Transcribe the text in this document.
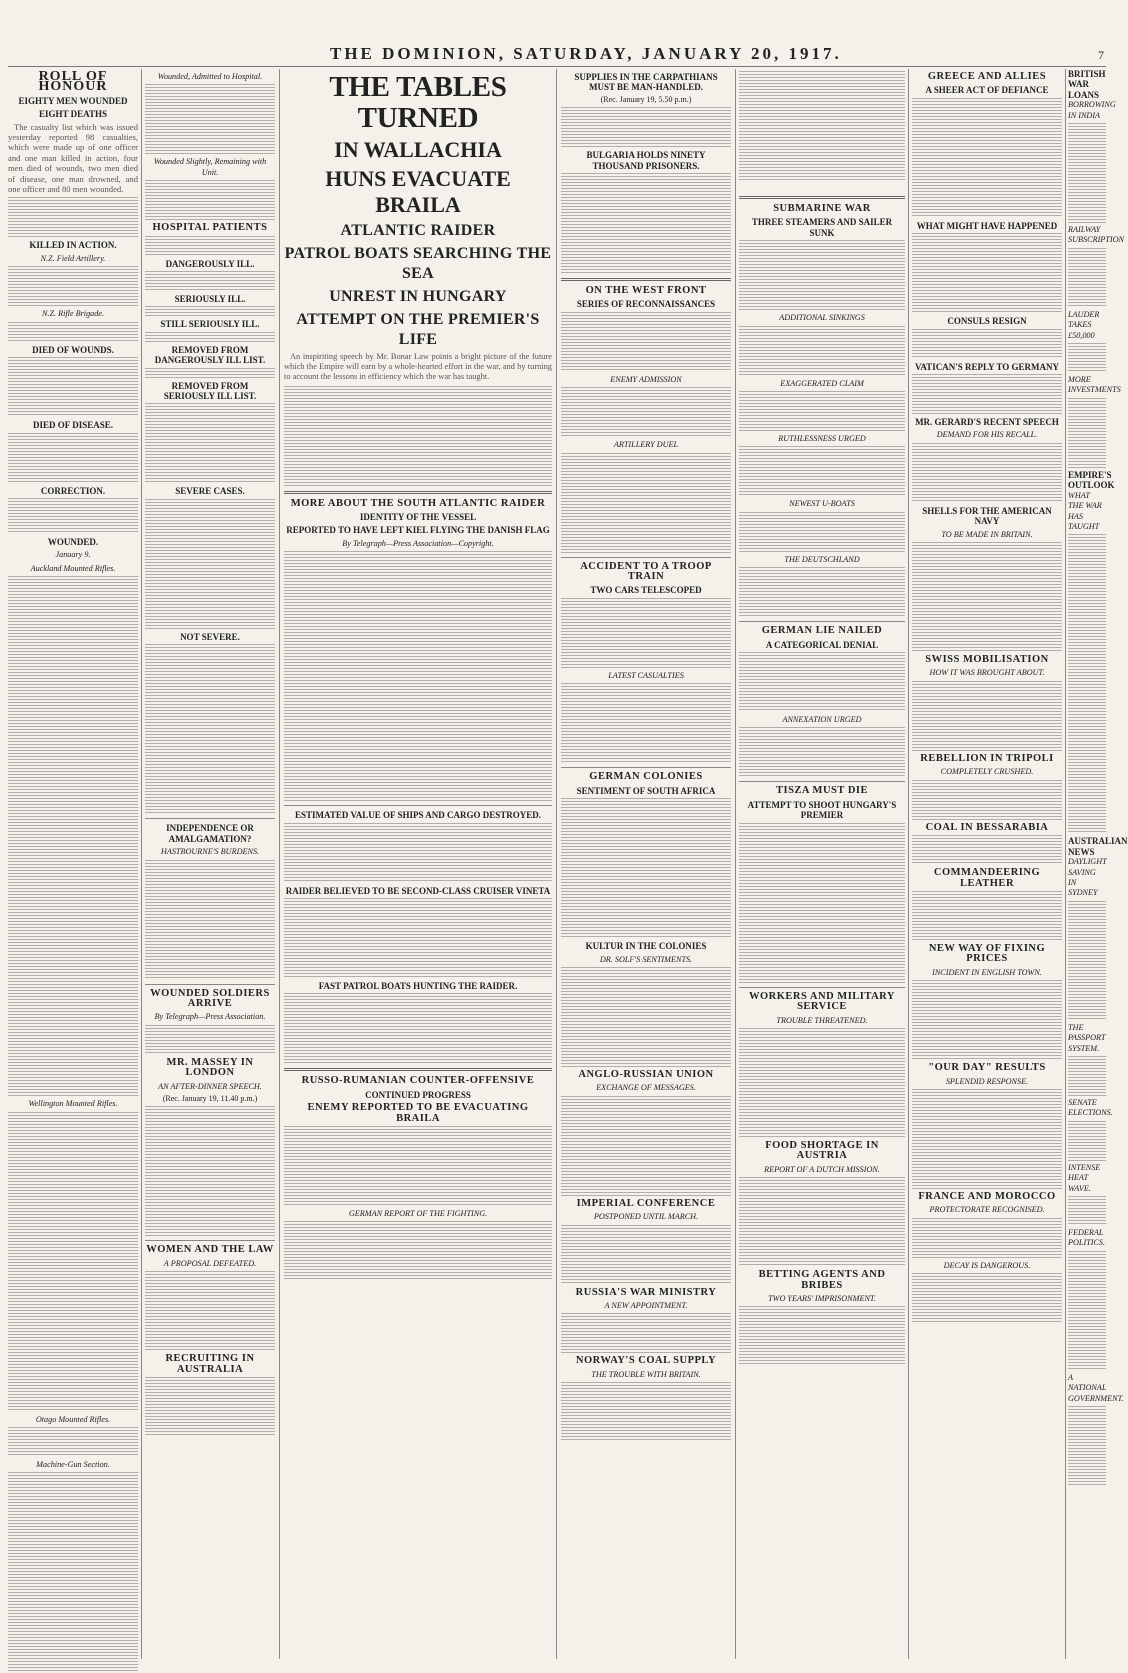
THE DOMINION, SATURDAY, JANUARY 20, 1917.	7
ROLL OF HONOUR
EIGHTY MEN WOUNDED
EIGHT DEATHS
The casualty list which was issued yesterday reported 98 casualties, which were made up of one officer and one man killed in action, four men died of wounds, two men died of disease, one man drowned, and one officer and 80 men wounded.
KILLED IN ACTION.
N.Z. Field Artillery.
N.Z. Rifle Brigade.
DIED OF WOUNDS.
DIED OF DISEASE.
CORRECTION.
WOUNDED.
January 9.
Auckland Mounted Rifles.
Wellington Mounted Rifles.
Otago Mounted Rifles.
Machine-Gun Section.
Wounded, Admitted to Hospital.
Wounded Slightly, Remaining with Unit.
HOSPITAL PATIENTS
DANGEROUSLY ILL.
SERIOUSLY ILL.
STILL SERIOUSLY ILL.
REMOVED FROM DANGEROUSLY ILL LIST.
REMOVED FROM SERIOUSLY ILL LIST.
SEVERE CASES.
NOT SEVERE.
INDEPENDENCE OR AMALGAMATION?
HASTBOURNE'S BURDENS.
WOUNDED SOLDIERS ARRIVE
By Telegraph—Press Association.
MR. MASSEY IN LONDON
AN AFTER-DINNER SPEECH.
(Rec. January 19, 11.40 p.m.)
WOMEN AND THE LAW
A PROPOSAL DEFEATED.
RECRUITING IN AUSTRALIA
THE TABLES TURNED
IN WALLACHIA
HUNS EVACUATE BRAILA
ATLANTIC RAIDER
PATROL BOATS SEARCHING THE SEA
UNREST IN HUNGARY
ATTEMPT ON THE PREMIER'S LIFE
An inspiriting speech by Mr. Bonar Law points a bright picture of the future which the Empire will earn by a whole-hearted effort in the war, and by turning to account the lessons in efficiency which the war has taught.
MORE ABOUT THE SOUTH ATLANTIC RAIDER
IDENTITY OF THE VESSEL
REPORTED TO HAVE LEFT KIEL FLYING THE DANISH FLAG
By Telegraph—Press Association—Copyright.
ESTIMATED VALUE OF SHIPS AND CARGO DESTROYED.
RAIDER BELIEVED TO BE SECOND-CLASS CRUISER VINETA
FAST PATROL BOATS HUNTING THE RAIDER.
RUSSO-RUMANIAN COUNTER-OFFENSIVE
CONTINUED PROGRESS
ENEMY REPORTED TO BE EVACUATING BRAILA
GERMAN REPORT OF THE FIGHTING.
SUPPLIES IN THE CARPATHIANS MUST BE MAN-HANDLED.
(Rec. January 19, 5.50 p.m.)
BULGARIA HOLDS NINETY THOUSAND PRISONERS.
ON THE WEST FRONT
SERIES OF RECONNAISSANCES
ENEMY ADMISSION
ARTILLERY DUEL
ACCIDENT TO A TROOP TRAIN
TWO CARS TELESCOPED
LATEST CASUALTIES
GERMAN COLONIES
SENTIMENT OF SOUTH AFRICA
KULTUR IN THE COLONIES
DR. SOLF'S SENTIMENTS.
ANGLO-RUSSIAN UNION
EXCHANGE OF MESSAGES.
IMPERIAL CONFERENCE
POSTPONED UNTIL MARCH.
RUSSIA'S WAR MINISTRY
A NEW APPOINTMENT.
NORWAY'S COAL SUPPLY
THE TROUBLE WITH BRITAIN.
SUBMARINE WAR
THREE STEAMERS AND SAILER SUNK
ADDITIONAL SINKINGS
EXAGGERATED CLAIM
RUTHLESSNESS URGED
NEWEST U-BOATS
THE DEUTSCHLAND
GERMAN LIE NAILED
A CATEGORICAL DENIAL
ANNEXATION URGED
TISZA MUST DIE
ATTEMPT TO SHOOT HUNGARY'S PREMIER
WORKERS AND MILITARY SERVICE
TROUBLE THREATENED.
FOOD SHORTAGE IN AUSTRIA
REPORT OF A DUTCH MISSION.
BETTING AGENTS AND BRIBES
TWO YEARS' IMPRISONMENT.
GREECE AND ALLIES
A SHEER ACT OF DEFIANCE
WHAT MIGHT HAVE HAPPENED
CONSULS RESIGN
VATICAN'S REPLY TO GERMANY
MR. GERARD'S RECENT SPEECH
DEMAND FOR HIS RECALL.
SHELLS FOR THE AMERICAN NAVY
TO BE MADE IN BRITAIN.
SWISS MOBILISATION
HOW IT WAS BROUGHT ABOUT.
REBELLION IN TRIPOLI
COMPLETELY CRUSHED.
COAL IN BESSARABIA
COMMANDEERING LEATHER
NEW WAY OF FIXING PRICES
INCIDENT IN ENGLISH TOWN.
"OUR DAY" RESULTS
SPLENDID RESPONSE.
FRANCE AND MOROCCO
PROTECTORATE RECOGNISED.
DECAY IS DANGEROUS.
BRITISH WAR LOANS
BORROWING IN INDIA
RAILWAY SUBSCRIPTION
LAUDER TAKES £50,000
MORE INVESTMENTS
EMPIRE'S OUTLOOK
WHAT THE WAR HAS TAUGHT
AUSTRALIAN NEWS
DAYLIGHT SAVING IN SYDNEY
THE PASSPORT SYSTEM.
SENATE ELECTIONS.
INTENSE HEAT WAVE.
FEDERAL POLITICS.
A NATIONAL GOVERNMENT.
